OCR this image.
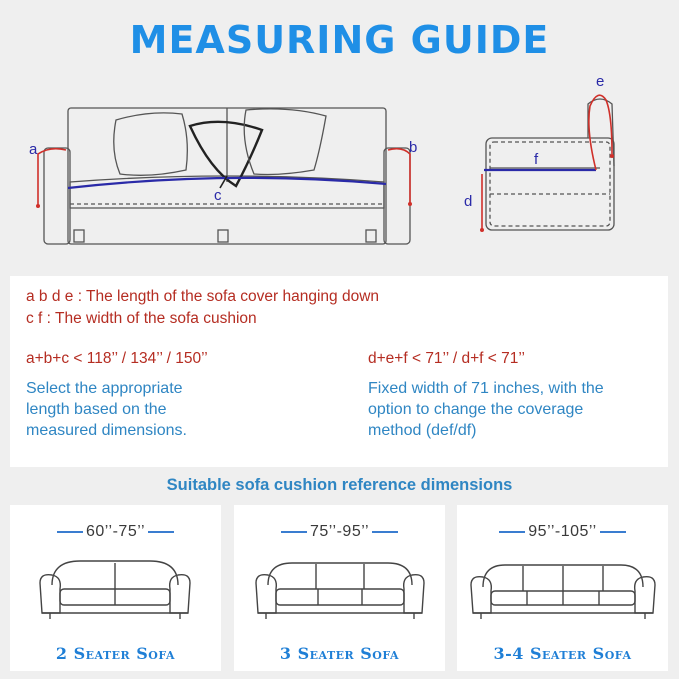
MEASURING GUIDE
a	b
c	d
e
f
a b d e : The length of the sofa cover hanging down
c f : The width of the sofa cushion
a+b+c < 118’’ / 134’’ / 150’’
Select the appropriate
length based on the
measured dimensions.
d+e+f < 71’’ / d+f < 71’’
Fixed width of 71 inches, with the
option to change the coverage
method (def/df)
Suitable sofa cushion reference dimensions
60’’-75’’
2 Seater Sofa
75’’-95’’
3 Seater Sofa
95’’-105’’
3-4 Seater Sofa
